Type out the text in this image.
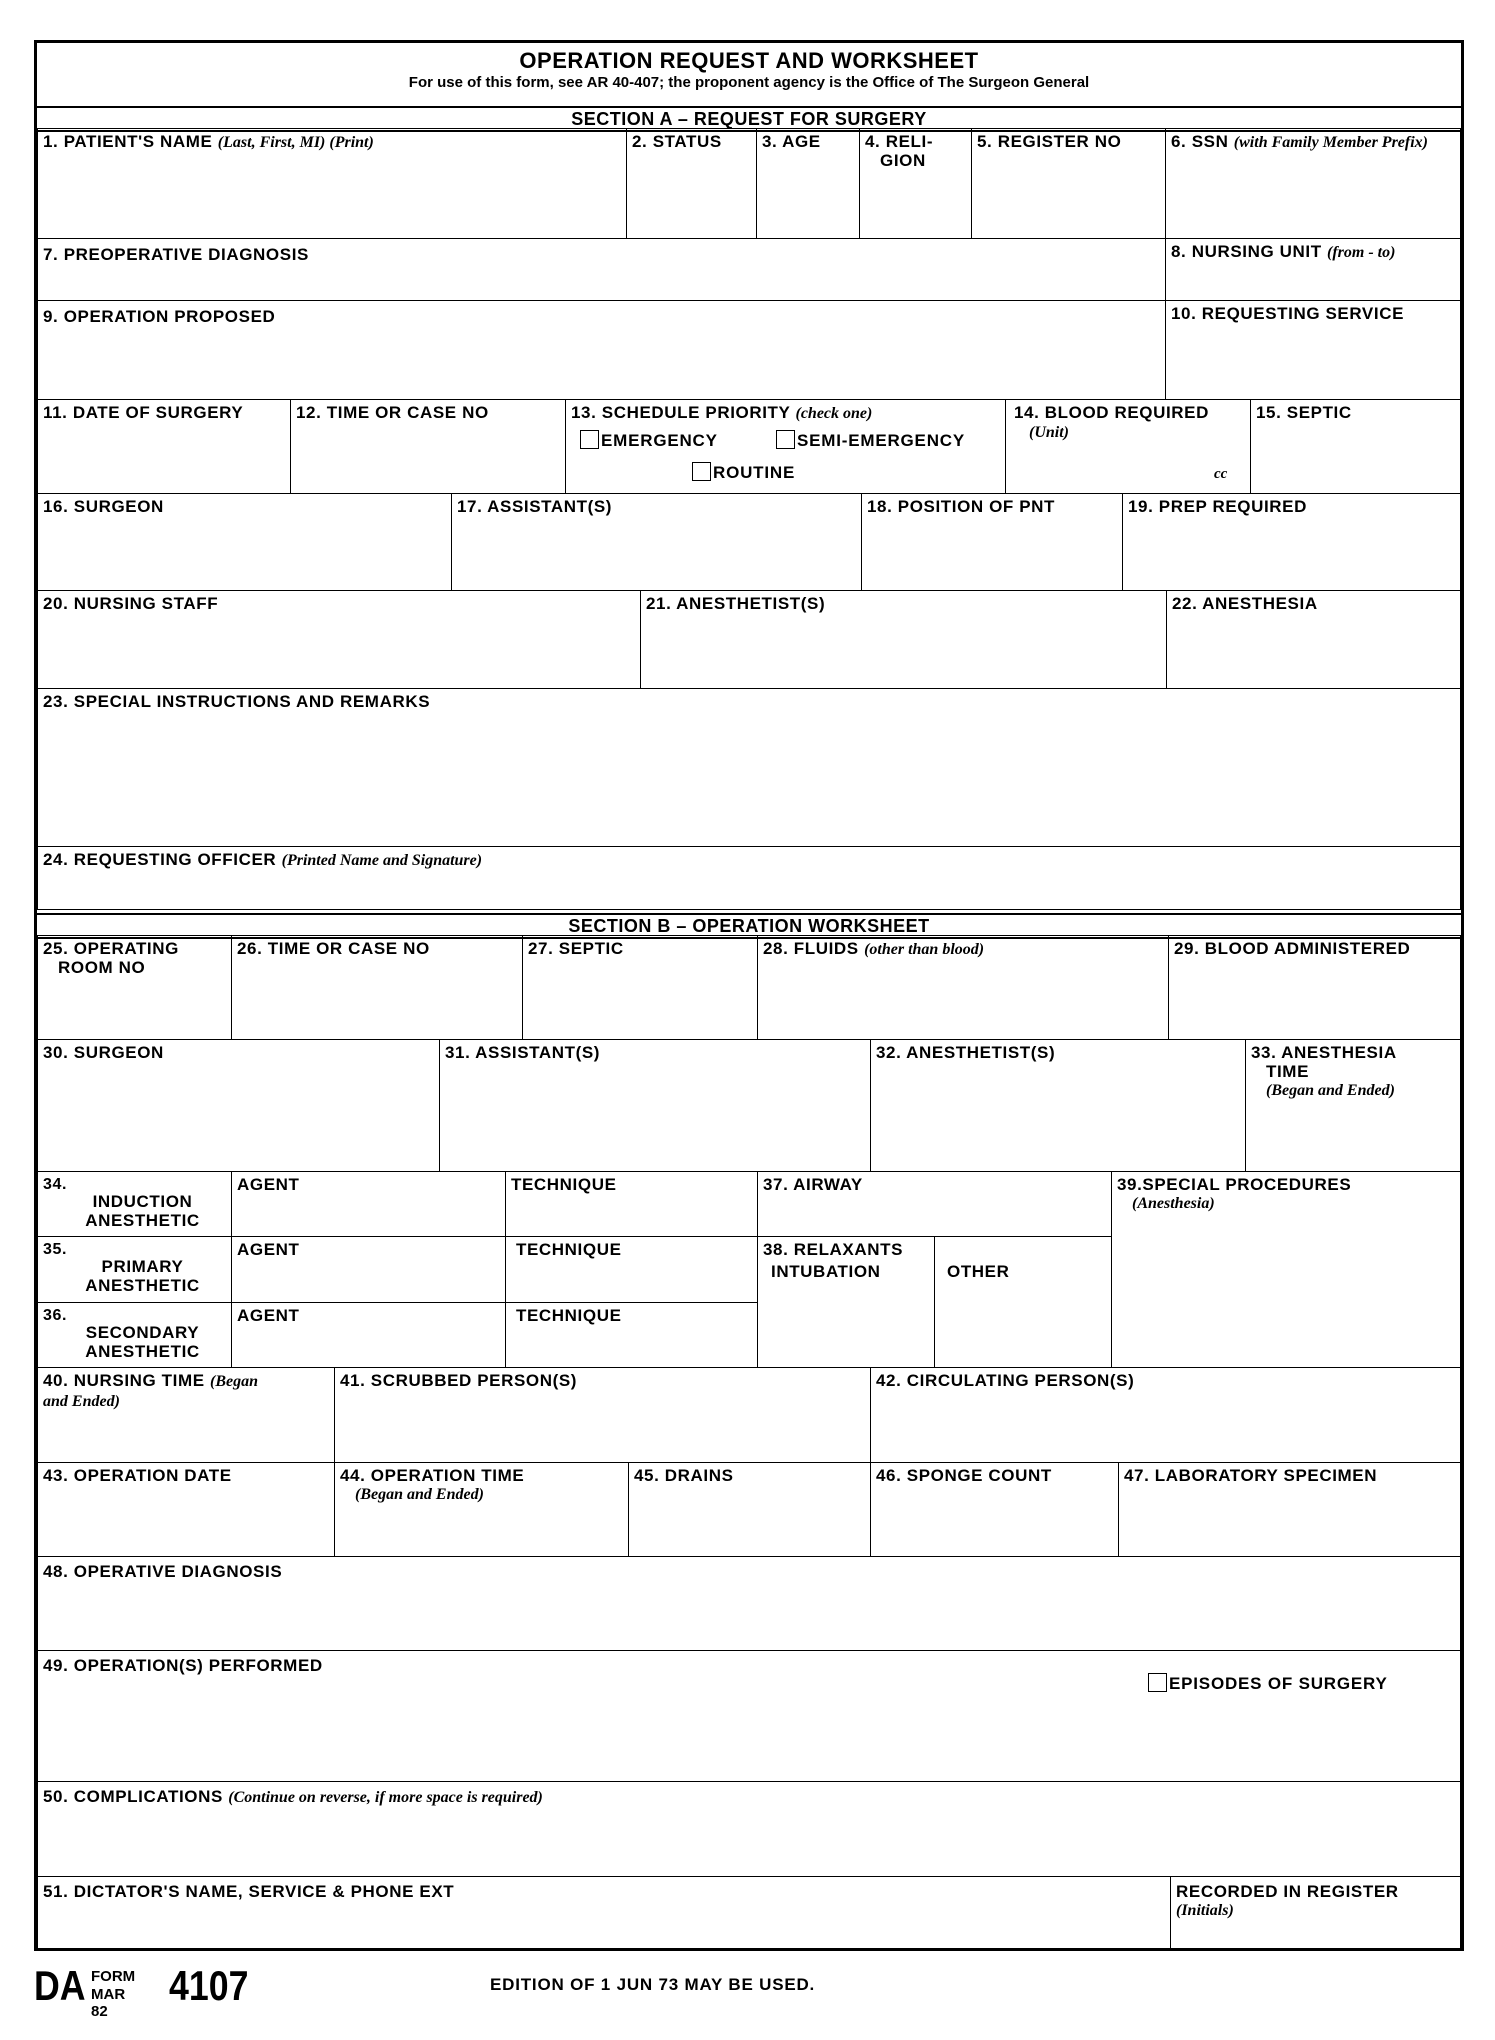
OPERATION REQUEST AND WORKSHEET
For use of this form, see AR 40-407; the proponent agency is the Office of The Surgeon General
SECTION A – REQUEST FOR SURGERY
1. PATIENT'S NAME (Last, First, MI) (Print)	2. STATUS	3. AGE	4. RELI-
GION
5. REGISTER NO	6. SSN (with Family Member Prefix)
7. PREOPERATIVE DIAGNOSIS	8. NURSING UNIT (from - to)
9. OPERATION PROPOSED	10. REQUESTING SERVICE
11. DATE OF SURGERY	12. TIME OR CASE NO	13. SCHEDULE PRIORITY (check one)
EMERGENCY	SEMI-EMERGENCY
ROUTINE
14. BLOOD REQUIRED
(Unit)
cc
15. SEPTIC
16. SURGEON	17. ASSISTANT(S)	18. POSITION OF PNT	19. PREP REQUIRED
20. NURSING STAFF	21. ANESTHETIST(S)	22. ANESTHESIA
23. SPECIAL INSTRUCTIONS AND REMARKS
24. REQUESTING OFFICER (Printed Name and Signature)
SECTION B – OPERATION WORKSHEET
25. OPERATING
ROOM NO
26. TIME OR CASE NO	27. SEPTIC	28. FLUIDS (other than blood)	29. BLOOD ADMINISTERED
30. SURGEON	31. ASSISTANT(S)	32. ANESTHETIST(S)	33. ANESTHESIA
TIME
(Began and Ended)
34.
INDUCTION
ANESTHETIC
AGENT	TECHNIQUE
35.
PRIMARY
ANESTHETIC
AGENT	TECHNIQUE
36.
SECONDARY
ANESTHETIC
AGENT	TECHNIQUE
37. AIRWAY
38. RELAXANTS
INTUBATION	OTHER
39.SPECIAL PROCEDURES
(Anesthesia)
40. NURSING TIME (Began
and Ended)
41. SCRUBBED PERSON(S)	42. CIRCULATING PERSON(S)
43. OPERATION DATE	44. OPERATION TIME
(Began and Ended)
45. DRAINS	46. SPONGE COUNT	47. LABORATORY SPECIMEN
48. OPERATIVE DIAGNOSIS
49. OPERATION(S) PERFORMED
EPISODES OF SURGERY
50. COMPLICATIONS (Continue on reverse, if more space is required)
51. DICTATOR'S NAME, SERVICE & PHONE EXT	RECORDED IN REGISTER
(Initials)
DA FORM
MAR 82
4107	EDITION OF 1 JUN 73 MAY BE USED.
